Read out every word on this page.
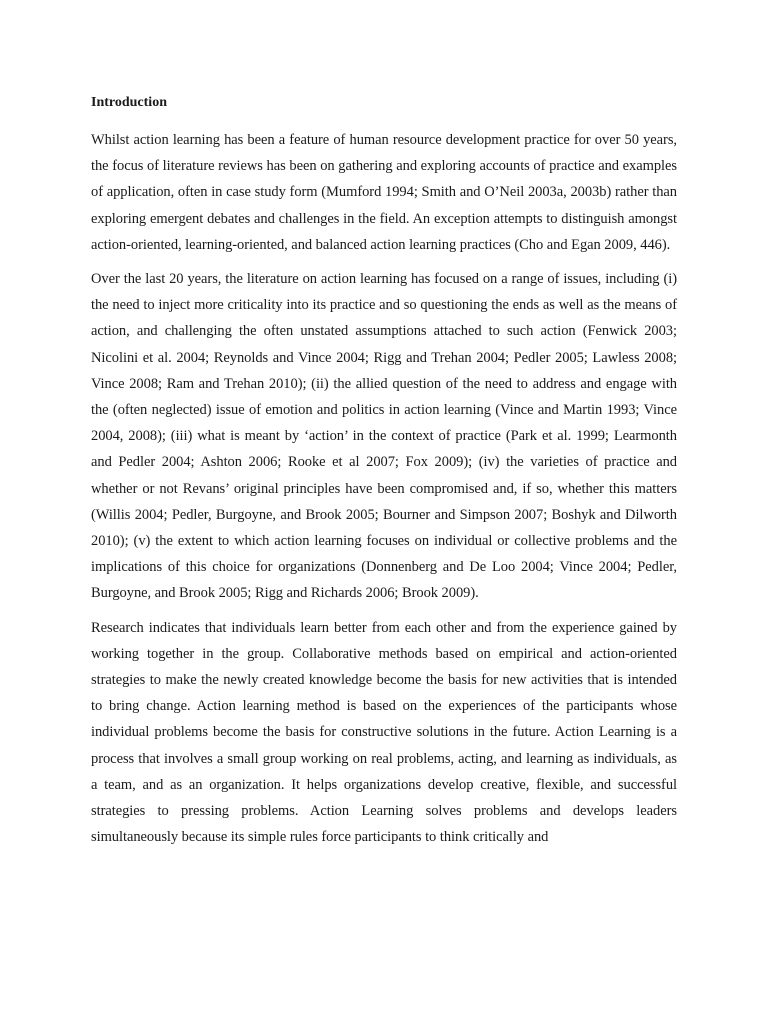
Introduction

Whilst action learning has been a feature of human resource development practice for over 50 years, the focus of literature reviews has been on gathering and exploring accounts of practice and examples of application, often in case study form (Mumford 1994; Smith and O’Neil 2003a, 2003b) rather than exploring emergent debates and challenges in the field. An exception attempts to distinguish amongst action-oriented, learning-oriented, and balanced action learning practices (Cho and Egan 2009, 446).

Over the last 20 years, the literature on action learning has focused on a range of issues, including (i) the need to inject more criticality into its practice and so questioning the ends as well as the means of action, and challenging the often unstated assumptions attached to such action (Fenwick 2003; Nicolini et al. 2004; Reynolds and Vince 2004; Rigg and Trehan 2004; Pedler 2005; Lawless 2008; Vince 2008; Ram and Trehan 2010); (ii) the allied question of the need to address and engage with the (often neglected) issue of emotion and politics in action learning (Vince and Martin 1993; Vince 2004, 2008); (iii) what is meant by ‘action’ in the context of practice (Park et al. 1999; Learmonth and Pedler 2004; Ashton 2006; Rooke et al 2007; Fox 2009); (iv) the varieties of practice and whether or not Revans’ original principles have been compromised and, if so, whether this matters (Willis 2004; Pedler, Burgoyne, and Brook 2005; Bourner and Simpson 2007; Boshyk and Dilworth 2010); (v) the extent to which action learning focuses on individual or collective problems and the implications of this choice for organizations (Donnenberg and De Loo 2004; Vince 2004; Pedler, Burgoyne, and Brook 2005; Rigg and Richards 2006; Brook 2009).

Research indicates that individuals learn better from each other and from the experience gained by working together in the group. Collaborative methods based on empirical and action-oriented strategies to make the newly created knowledge become the basis for new activities that is intended to bring change. Action learning method is based on the experiences of the participants whose individual problems become the basis for constructive solutions in the future. Action Learning is a process that involves a small group working on real problems, acting, and learning as individuals, as a team, and as an organization. It helps organizations develop creative, flexible, and successful strategies to pressing problems. Action Learning solves problems and develops leaders simultaneously because its simple rules force participants to think critically and
